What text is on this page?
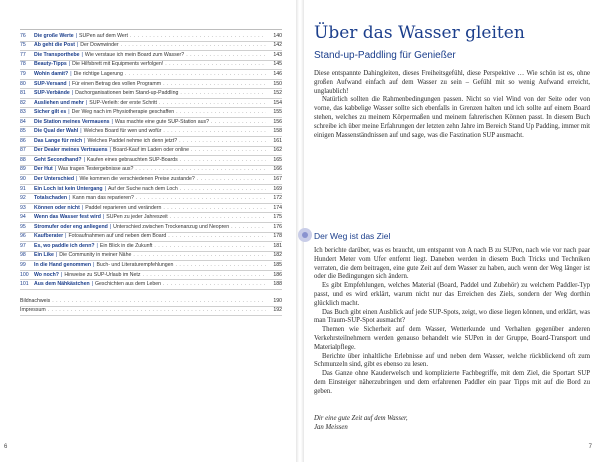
76	Die große Werte | SUPen auf dem Wert . . .	140
75	Ab geht die Post | Der Downwinder . . .	142
77	Die Transporthebe | Wie verstaue ich mein Board zum Wasser? . . .	143
78	Beauty-Tipps | Die Hilfsbrett mit Equipments verfolgen! . . .	145
79	Wohin damit? | Die richtige Lagerung . . .	146
80	SUP-Versand | Für einen Betrag des vollen Programm . . .	150
81	SUP-Verbände | Dachorganisationen beim Stand-up-Paddling . . .	152
82	Ausliehen und mehr | SUP-Verleih: der erste Schritt . . .	154
83	Sicher gilt es | Der Weg nach im Physiotherapie geschaffen . . .	155
84	Die Station meines Vermauens | Was machte eine gute SUP-Station aus? . . .	156
85	Die Qual der Wahl | Welches Board für wen und wofür . . .	158
86	Das Lange für mich | Welches Paddel nehme ich denn jetzt? . . .	161
87	Der Dealer meines Vertrauens | Board-Kauf im Laden oder online . . .	162
88	Geht Secondhand? | Kaufen eines gebrauchten SUP-Boards . . .	165
89	Der Hut | Was tragen Testergebnisse aus? . . .	166
90	Der Unterschied | Wie kommen die verschiedenen Preise zustande? . . .	167
91	Ein Loch ist kein Untergang | Auf der Suche nach dem Loch . . .	169
92	Totalschaden | Kann man das reparieren? . . .	172
93	Können oder nicht | Paddel reparieren und verändern . . .	174
94	Wenn das Wasser fest wird | SUPen zu jeder Jahreszeit . . .	175
95	Stromufer oder eng anliegend | Unterschied zwischen Trockenanzug und Neopren . . .	176
96	Kaufberater | Fotoaufnahmen auf und neben dem Board . . .	178
97	Es, wo paddle ich denn? | Ein Blick in die Zukunft . . .	181
98	Ein Like | Die Community in meiner Nähe . . .	182
99	In die Hand genommen | Buch- und Literaturempfehlungen . . .	185
100	Wo noch? | Hinweise zu SUP-Urlaub im Netz . . .	186
101	Aus dem Nähkästchen | Geschichten aus dem Leben . . .	188
Bildnachweis . . .	190
Impressum . . .	192
6
Über das Wasser gleiten
Stand-up-Paddling für Genießer

Diese entspannte Dahingleiten, dieses Freiheitsgefühl, diese Perspektive … Wie schön ist es, ohne großen Aufwand einfach auf dem Wasser zu sein – Gefühl mit so wenig Aufwand erreicht, unglaublich!

Natürlich sollten die Rahmenbedingungen passen. Nicht so viel Wind von der Seite oder von vorne, das kabbelige Wasser sollte sich ebenfalls in Grenzen halten und ich sollte auf einem Board stehen, welches zu meinem Körpermaßen und meinem fahrerischen Können passt. In diesem Buch schreibe ich über meine Erfahrungen der letzten zehn Jahre im Bereich Stand Up Padding, immer mit einigen Massenständnissen auf und sage, was die Faszination SUP ausmacht.

Der Weg ist das Ziel

Ich berichte darüber, was es braucht, um entspannt von A nach B zu SUPen, nach wie vor nach paar Hundert Meter vom Ufer entfernt liegt. Daneben werden in diesem Buch Tricks und Techniken verraten, die dem beitragen, eine gute Zeit auf dem Wasser zu haben, auch wenn der Weg länger ist oder die Bedingungen sich ändern.

Es gibt Empfehlungen, welches Material (Board, Paddel und Zubehör) zu welchem Paddler-Typ passt, und es wird erklärt, warum nicht nur das Erreichen des Ziels, sondern der Weg dorthin glücklich macht.

Das Buch gibt einen Ausblick auf jede SUP-Spots, zeigt, wo diese liegen können, und erklärt, was man Traum-SUP-Spot ausmacht?

Themen wie Sicherheit auf dem Wasser, Wetterkunde und Verhalten gegenüber anderen Verkehrsteilnehmern werden genauso behandelt wie SUPen in der Gruppe, Board-Transport und Materialpflege.

Berichte über inhaltliche Erlebnisse auf und neben dem Wasser, welche rückblickend oft zum Schmunzeln sind, gibt es ebenso zu lesen.

Das Ganze ohne Kauderwelsch und komplizierte Fachbegriffe, mit dem Ziel, die Sportart SUP dem Einsteiger näherzubringen und dem erfahrenen Paddler ein paar Tipps mit auf die Bord zu geben.

Dir eine gute Zeit auf dem Wasser,

Jan Meissen

7
